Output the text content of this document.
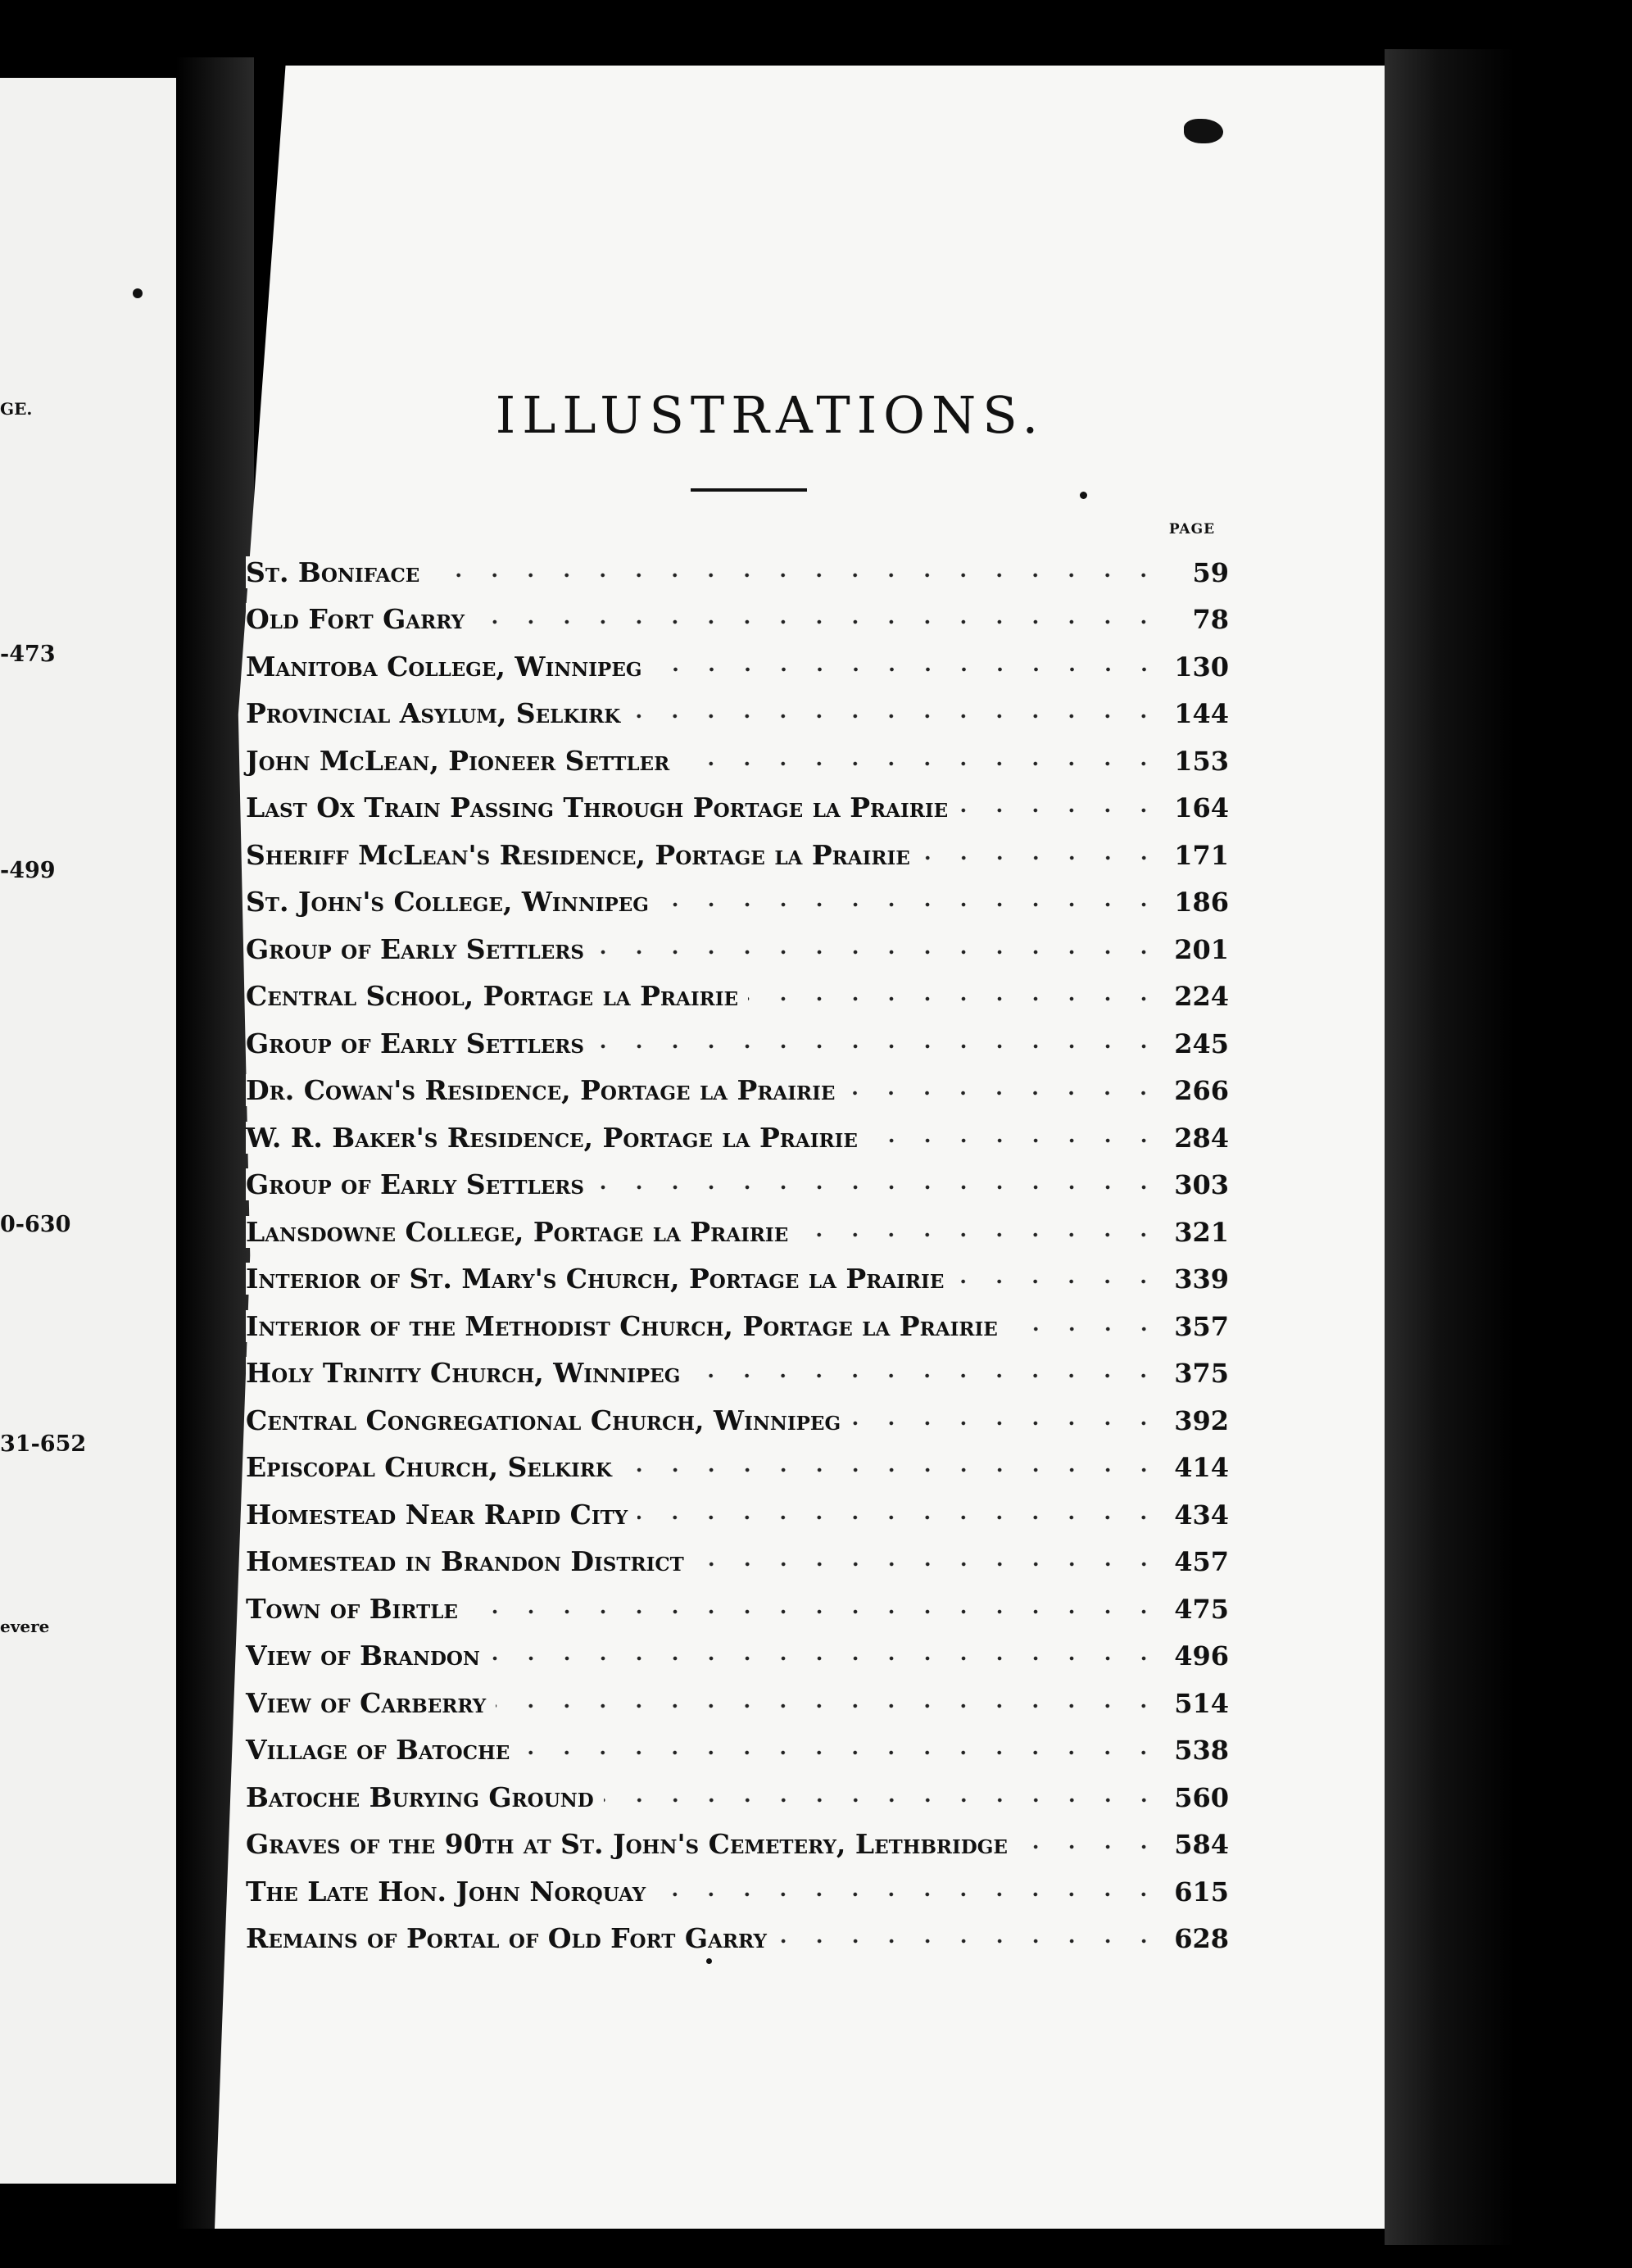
GE.
-473
-499
0-630
31-652
evere
ILLUSTRATIONS.
PAGE
St. Boniface	59
Old Fort Garry	78
Manitoba College, Winnipeg	130
Provincial Asylum, Selkirk	144
John McLean, Pioneer Settler	153
Last Ox Train Passing Through Portage la Prairie	164
Sheriff McLean's Residence, Portage la Prairie	171
St. John's College, Winnipeg	186
Group of Early Settlers	201
Central School, Portage la Prairie	224
Group of Early Settlers	245
Dr. Cowan's Residence, Portage la Prairie	266
W. R. Baker's Residence, Portage la Prairie	284
Group of Early Settlers	303
Lansdowne College, Portage la Prairie	321
Interior of St. Mary's Church, Portage la Prairie	339
Interior of the Methodist Church, Portage la Prairie	357
Holy Trinity Church, Winnipeg	375
Central Congregational Church, Winnipeg	392
Episcopal Church, Selkirk	414
Homestead Near Rapid City	434
Homestead in Brandon District	457
Town of Birtle	475
View of Brandon	496
View of Carberry	514
Village of Batoche	538
Batoche Burying Ground	560
Graves of the 90th at St. John's Cemetery, Lethbridge	584
The Late Hon. John Norquay	615
Remains of Portal of Old Fort Garry	628
